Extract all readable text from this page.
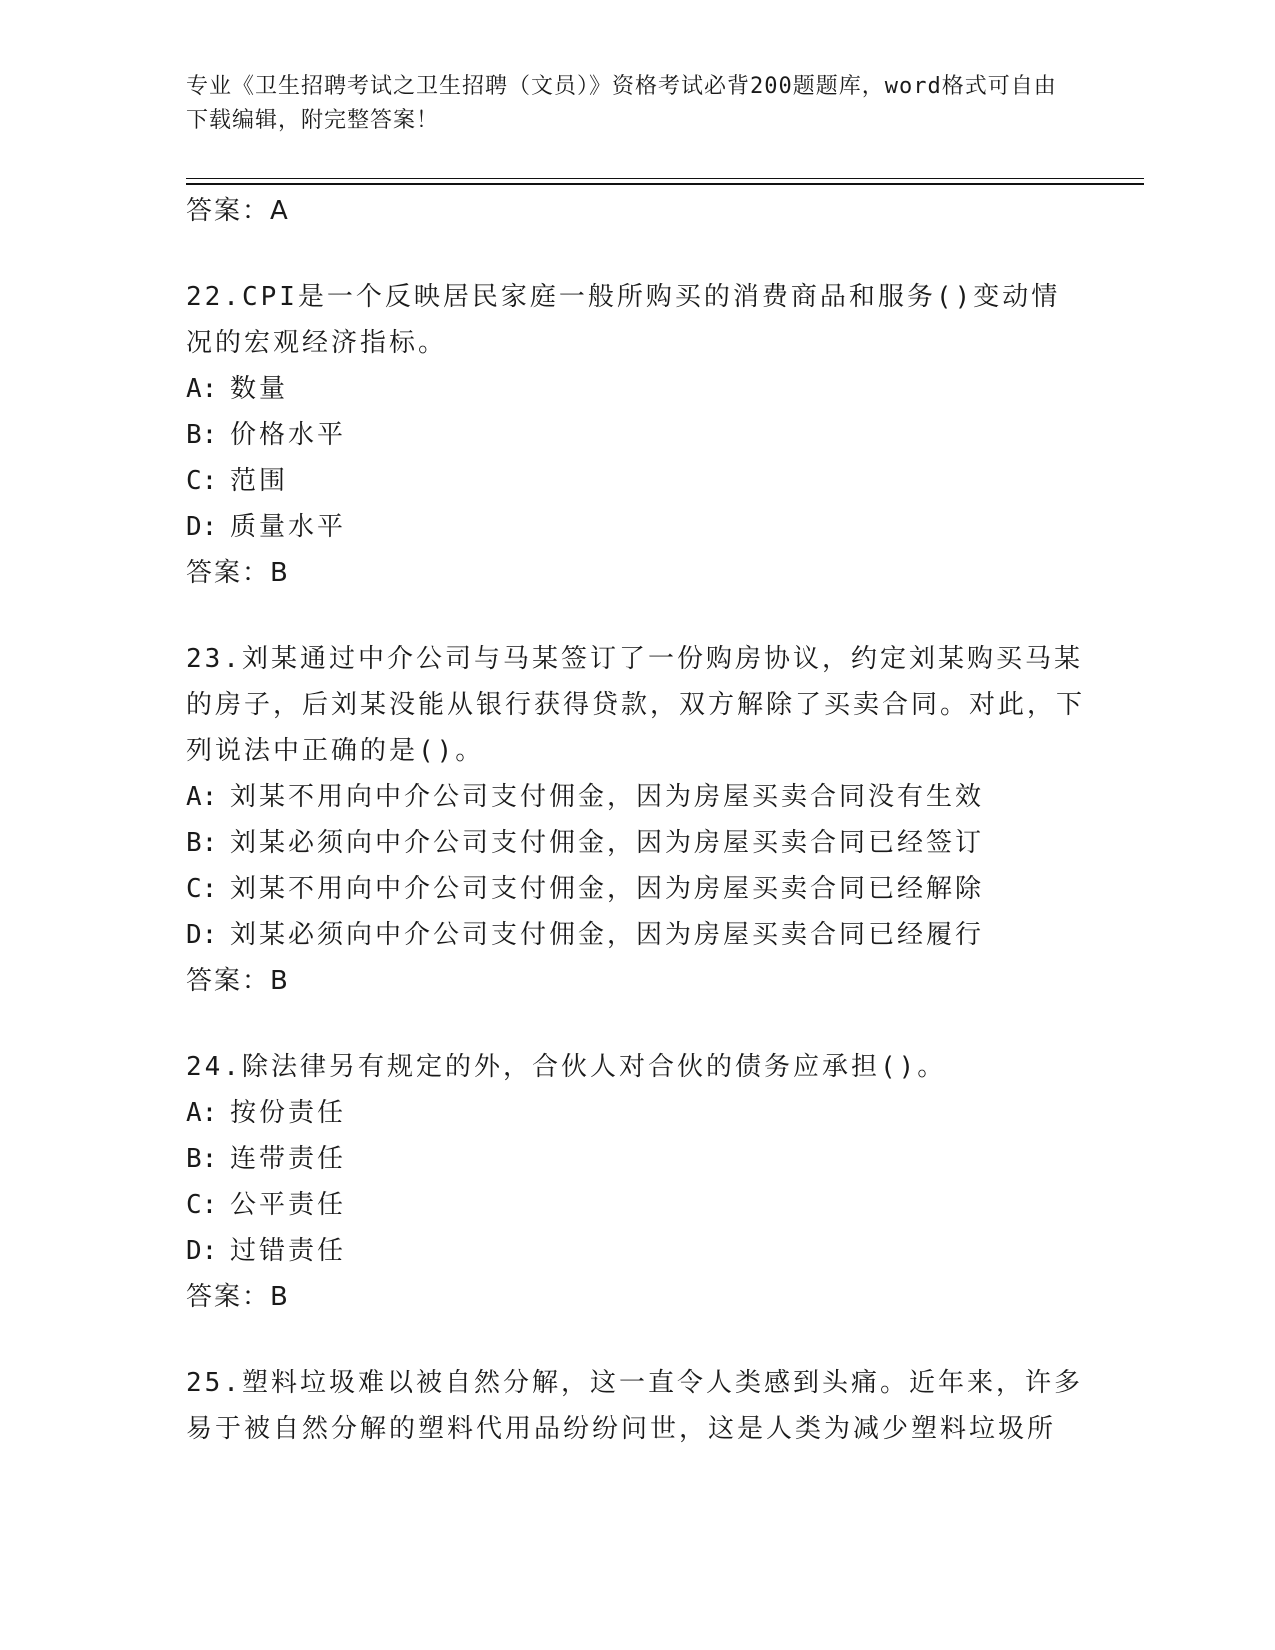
专业《卫生招聘考试之卫生招聘（文员）》资格考试必背200题题库，word格式可自由下载编辑，附完整答案！
答案：A
22.CPI是一个反映居民家庭一般所购买的消费商品和服务()变动情况的宏观经济指标。
A: 数量
B: 价格水平
C: 范围
D: 质量水平
答案：B
23.刘某通过中介公司与马某签订了一份购房协议，约定刘某购买马某的房子，后刘某没能从银行获得贷款，双方解除了买卖合同。对此，下列说法中正确的是()。
A: 刘某不用向中介公司支付佣金，因为房屋买卖合同没有生效
B: 刘某必须向中介公司支付佣金，因为房屋买卖合同已经签订
C: 刘某不用向中介公司支付佣金，因为房屋买卖合同已经解除
D: 刘某必须向中介公司支付佣金，因为房屋买卖合同已经履行
答案：B
24.除法律另有规定的外，合伙人对合伙的债务应承担()。
A: 按份责任
B: 连带责任
C: 公平责任
D: 过错责任
答案：B
25.塑料垃圾难以被自然分解，这一直令人类感到头痛。近年来，许多易于被自然分解的塑料代用品纷纷问世，这是人类为减少塑料垃圾所
